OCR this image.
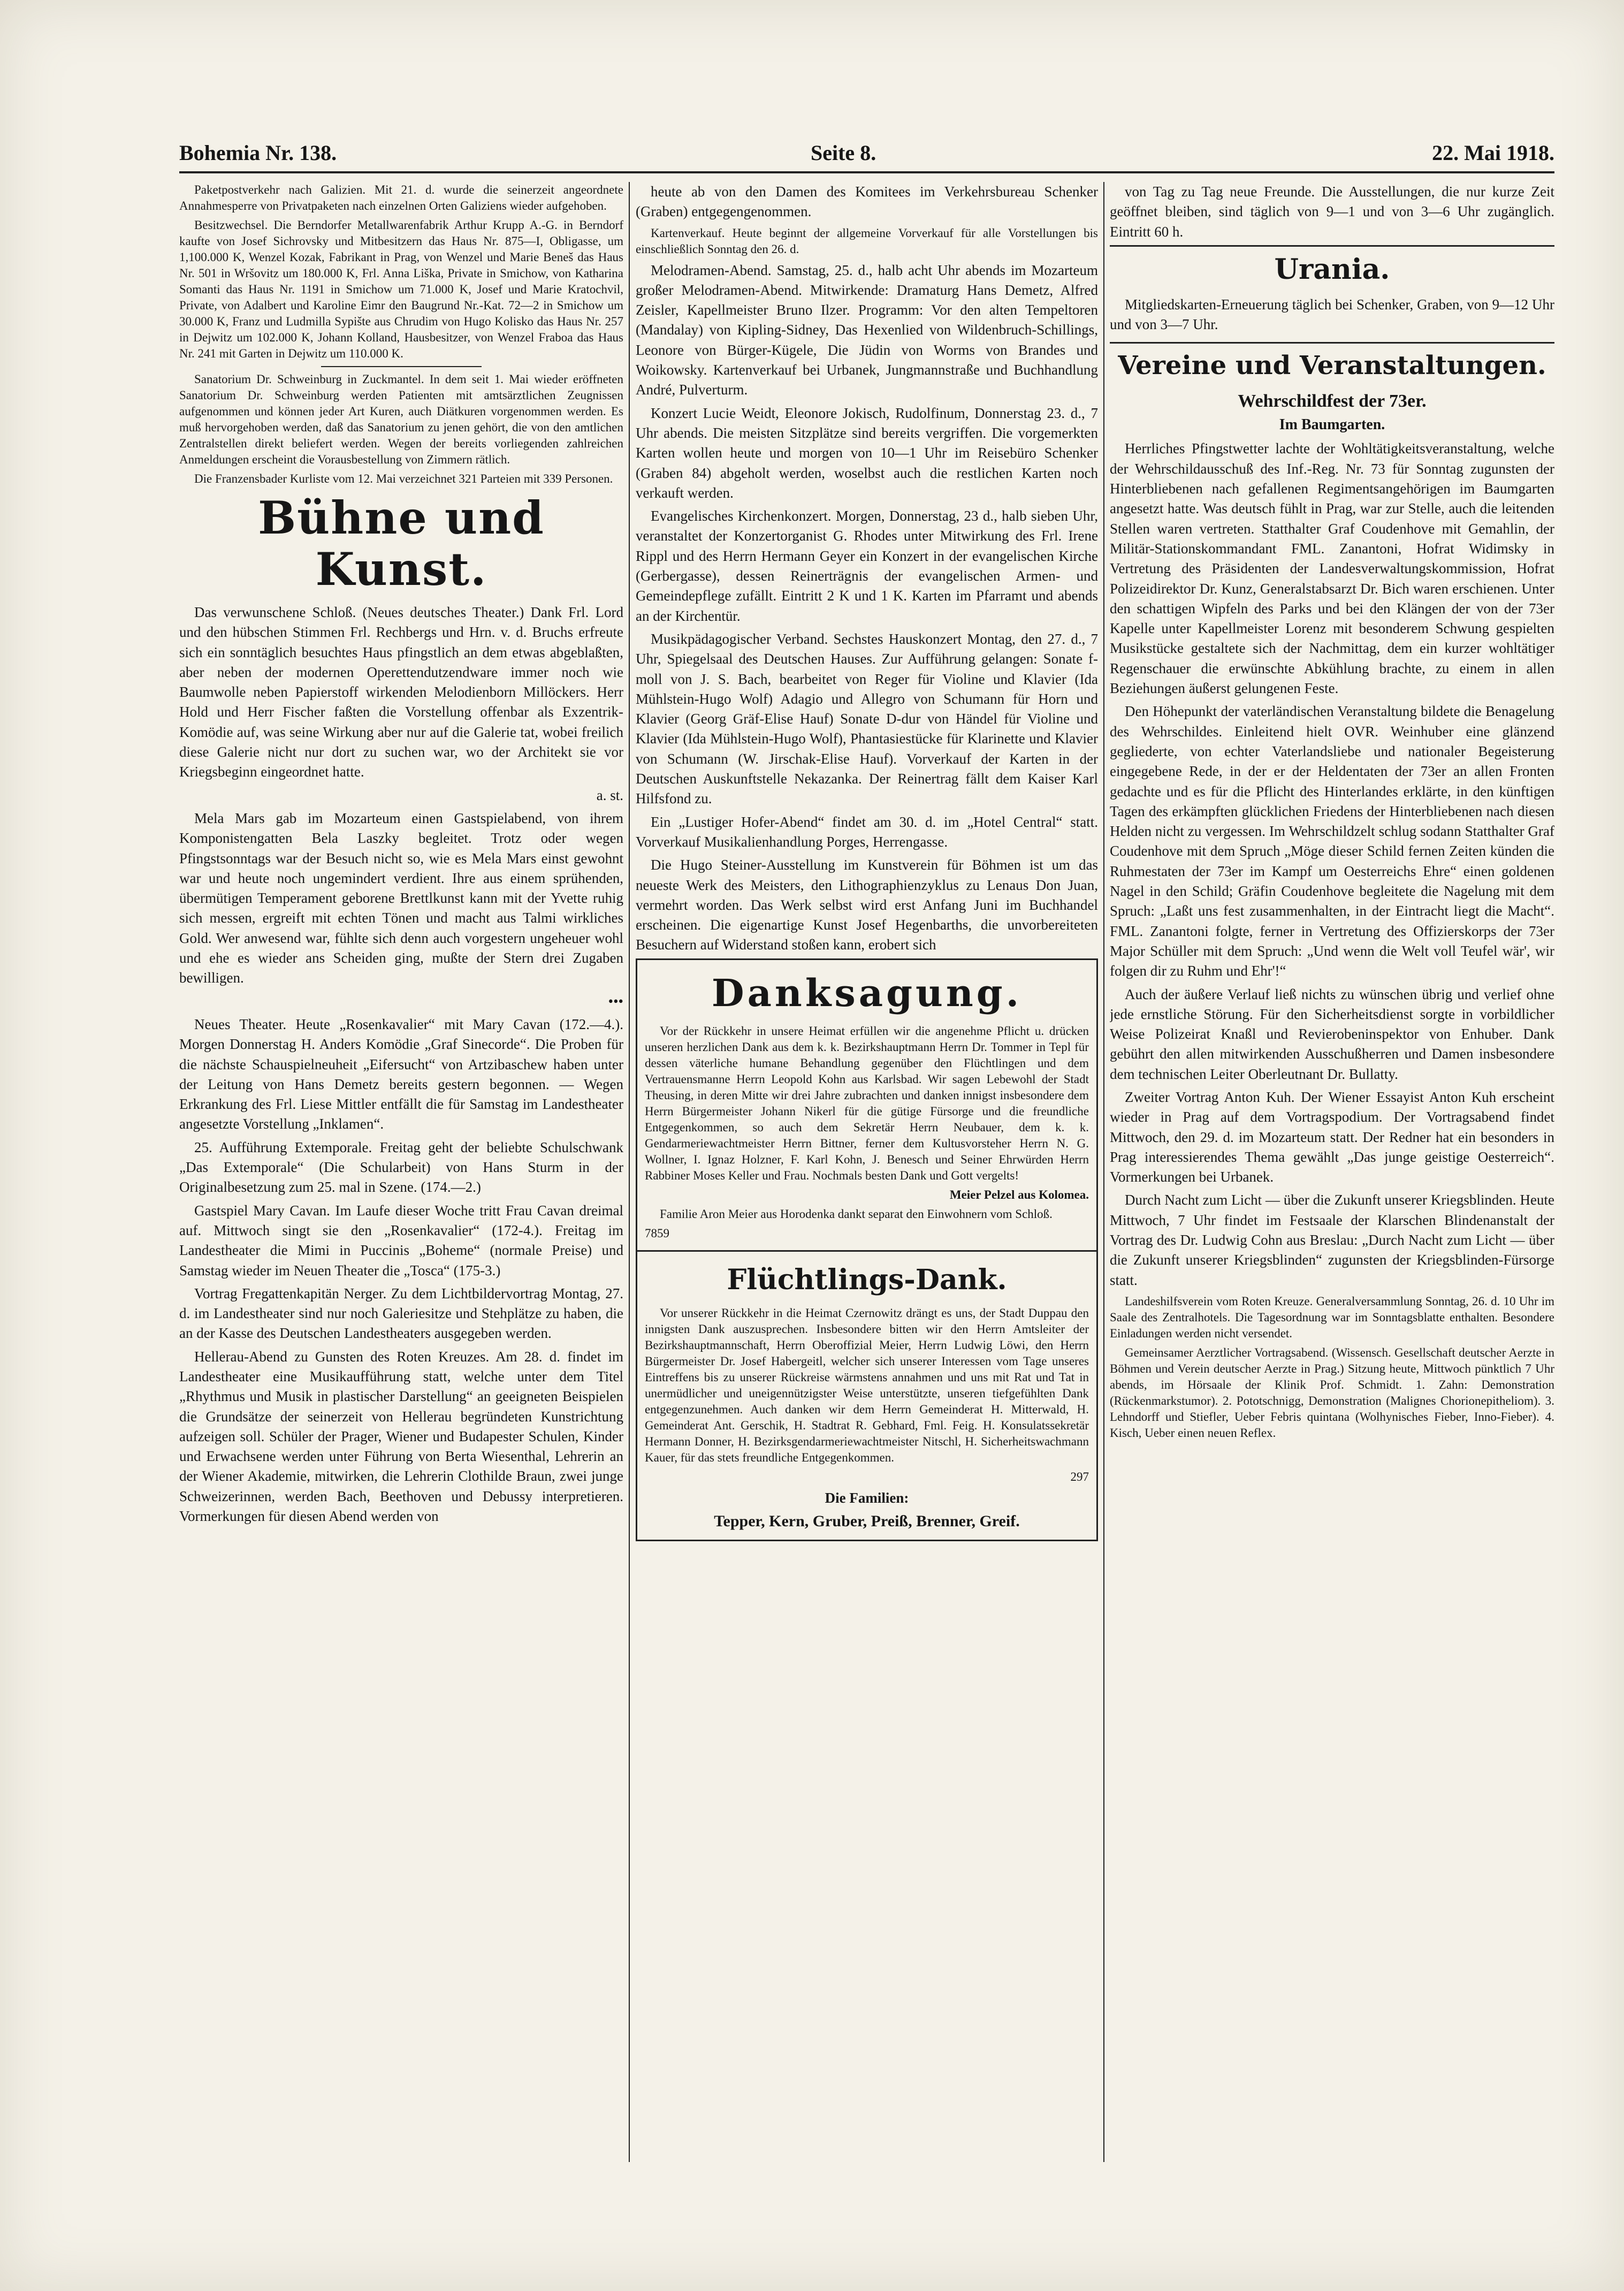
Bohemia Nr. 138.	Seite 8.	22. Mai 1918.

Paketpostverkehr nach Galizien. Mit 21. d. wurde die seinerzeit angeordnete Annahmesperre von Privatpaketen nach einzelnen Orten Galiziens wieder aufgehoben.

Besitzwechsel. Die Berndorfer Metallwarenfabrik Arthur Krupp A.-G. in Berndorf kaufte von Josef Sichrovsky und Mitbesitzern das Haus Nr. 875—I, Obligasse, um 1,100.000 K, Wenzel Kozak, Fabrikant in Prag, von Wenzel und Marie Beneš das Haus Nr. 501 in Wršovitz um 180.000 K, Frl. Anna Liška, Private in Smichow, von Katharina Somanti das Haus Nr. 1191 in Smichow um 71.000 K, Josef und Marie Kratochvil, Private, von Adalbert und Karoline Eimr den Baugrund Nr.-Kat. 72—2 in Smichow um 30.000 K, Franz und Ludmilla Sypište aus Chrudim von Hugo Kolisko das Haus Nr. 257 in Dejwitz um 102.000 K, Johann Kolland, Hausbesitzer, von Wenzel Fraboa das Haus Nr. 241 mit Garten in Dejwitz um 110.000 K.

Sanatorium Dr. Schweinburg in Zuckmantel. In dem seit 1. Mai wieder eröffneten Sanatorium Dr. Schweinburg werden Patienten mit amtsärztlichen Zeugnissen aufgenommen und können jeder Art Kuren, auch Diätkuren vorgenommen werden. Es muß hervorgehoben werden, daß das Sanatorium zu jenen gehört, die von den amtlichen Zentralstellen direkt beliefert werden. Wegen der bereits vorliegenden zahlreichen Anmeldungen erscheint die Vorausbestellung von Zimmern rätlich.

Die Franzensbader Kurliste vom 12. Mai verzeichnet 321 Parteien mit 339 Personen.

Bühne und Kunst.

Das verwunschene Schloß. (Neues deutsches Theater.) Dank Frl. Lord und den hübschen Stimmen Frl. Rechbergs und Hrn. v. d. Bruchs erfreute sich ein sonntäglich besuchtes Haus pfingstlich an dem etwas abgeblaßten, aber neben der modernen Operettendutzendware immer noch wie Baumwolle neben Papierstoff wirkenden Melodienborn Millöckers. Herr Hold und Herr Fischer faßten die Vorstellung offenbar als Exzentrik-Komödie auf, was seine Wirkung aber nur auf die Galerie tat, wobei freilich diese Galerie nicht nur dort zu suchen war, wo der Architekt sie vor Kriegsbeginn eingeordnet hatte.

a. st.

Mela Mars gab im Mozarteum einen Gastspielabend, von ihrem Komponistengatten Bela Laszky begleitet. Trotz oder wegen Pfingstsonntags war der Besuch nicht so, wie es Mela Mars einst gewohnt war und heute noch ungemindert verdient. Ihre aus einem sprühenden, übermütigen Temperament geborene Brettlkunst kann mit der Yvette ruhig sich messen, ergreift mit echten Tönen und macht aus Talmi wirkliches Gold. Wer anwesend war, fühlte sich denn auch vorgestern ungeheuer wohl und ehe es wieder ans Scheiden ging, mußte der Stern drei Zugaben bewilligen.

•••

Neues Theater. Heute „Rosenkavalier“ mit Mary Cavan (172.—4.). Morgen Donnerstag H. Anders Komödie „Graf Sinecorde“. Die Proben für die nächste Schauspielneuheit „Eifersucht“ von Artzibaschew haben unter der Leitung von Hans Demetz bereits gestern begonnen. — Wegen Erkrankung des Frl. Liese Mittler entfällt die für Samstag im Landestheater angesetzte Vorstellung „Inklamen“.

25. Aufführung Extemporale. Freitag geht der beliebte Schulschwank „Das Extemporale“ (Die Schularbeit) von Hans Sturm in der Originalbesetzung zum 25. mal in Szene. (174.—2.)

Gastspiel Mary Cavan. Im Laufe dieser Woche tritt Frau Cavan dreimal auf. Mittwoch singt sie den „Rosenkavalier“ (172-4.). Freitag im Landestheater die Mimi in Puccinis „Boheme“ (normale Preise) und Samstag wieder im Neuen Theater die „Tosca“ (175-3.)

Vortrag Fregattenkapitän Nerger. Zu dem Lichtbildervortrag Montag, 27. d. im Landestheater sind nur noch Galeriesitze und Stehplätze zu haben, die an der Kasse des Deutschen Landestheaters ausgegeben werden.

Hellerau-Abend zu Gunsten des Roten Kreuzes. Am 28. d. findet im Landestheater eine Musikaufführung statt, welche unter dem Titel „Rhythmus und Musik in plastischer Darstellung“ an geeigneten Beispielen die Grundsätze der seinerzeit von Hellerau begründeten Kunstrichtung aufzeigen soll. Schüler der Prager, Wiener und Budapester Schulen, Kinder und Erwachsene werden unter Führung von Berta Wiesenthal, Lehrerin an der Wiener Akademie, mitwirken, die Lehrerin Clothilde Braun, zwei junge Schweizerinnen, werden Bach, Beethoven und Debussy interpretieren. Vormerkungen für diesen Abend werden von

heute ab von den Damen des Komitees im Verkehrsbureau Schenker (Graben) entgegengenommen.

Kartenverkauf. Heute beginnt der allgemeine Vorverkauf für alle Vorstellungen bis einschließlich Sonntag den 26. d.

Melodramen-Abend. Samstag, 25. d., halb acht Uhr abends im Mozarteum großer Melodramen-Abend. Mitwirkende: Dramaturg Hans Demetz, Alfred Zeisler, Kapellmeister Bruno Ilzer. Programm: Vor den alten Tempeltoren (Mandalay) von Kipling-Sidney, Das Hexenlied von Wildenbruch-Schillings, Leonore von Bürger-Kügele, Die Jüdin von Worms von Brandes und Woikowsky. Kartenverkauf bei Urbanek, Jungmannstraße und Buchhandlung André, Pulverturm.

Konzert Lucie Weidt, Eleonore Jokisch, Rudolfinum, Donnerstag 23. d., 7 Uhr abends. Die meisten Sitzplätze sind bereits vergriffen. Die vorgemerkten Karten wollen heute und morgen von 10—1 Uhr im Reisebüro Schenker (Graben 84) abgeholt werden, woselbst auch die restlichen Karten noch verkauft werden.

Evangelisches Kirchenkonzert. Morgen, Donnerstag, 23 d., halb sieben Uhr, veranstaltet der Konzertorganist G. Rhodes unter Mitwirkung des Frl. Irene Rippl und des Herrn Hermann Geyer ein Konzert in der evangelischen Kirche (Gerbergasse), dessen Reinerträgnis der evangelischen Armen- und Gemeindepflege zufällt. Eintritt 2 K und 1 K. Karten im Pfarramt und abends an der Kirchentür.

Musikpädagogischer Verband. Sechstes Hauskonzert Montag, den 27. d., 7 Uhr, Spiegelsaal des Deutschen Hauses. Zur Aufführung gelangen: Sonate f-moll von J. S. Bach, bearbeitet von Reger für Violine und Klavier (Ida Mühlstein-Hugo Wolf) Adagio und Allegro von Schumann für Horn und Klavier (Georg Gräf-Elise Hauf) Sonate D-dur von Händel für Violine und Klavier (Ida Mühlstein-Hugo Wolf), Phantasiestücke für Klarinette und Klavier von Schumann (W. Jirschak-Elise Hauf). Vorverkauf der Karten in der Deutschen Auskunftstelle Nekazanka. Der Reinertrag fällt dem Kaiser Karl Hilfsfond zu.

Ein „Lustiger Hofer-Abend“ findet am 30. d. im „Hotel Central“ statt. Vorverkauf Musikalienhandlung Porges, Herrengasse.

Die Hugo Steiner-Ausstellung im Kunstverein für Böhmen ist um das neueste Werk des Meisters, den Lithographienzyklus zu Lenaus Don Juan, vermehrt worden. Das Werk selbst wird erst Anfang Juni im Buchhandel erscheinen. Die eigenartige Kunst Josef Hegenbarths, die unvorbereiteten Besuchern auf Widerstand stoßen kann, erobert sich

Danksagung.

Vor der Rückkehr in unsere Heimat erfüllen wir die angenehme Pflicht u. drücken unseren herzlichen Dank aus dem k. k. Bezirkshauptmann Herrn Dr. Tommer in Tepl für dessen väterliche humane Behandlung gegenüber den Flüchtlingen und dem Vertrauensmanne Herrn Leopold Kohn aus Karlsbad. Wir sagen Lebewohl der Stadt Theusing, in deren Mitte wir drei Jahre zubrachten und danken innigst insbesondere dem Herrn Bürgermeister Johann Nikerl für die gütige Fürsorge und die freundliche Entgegenkommen, so auch dem Sekretär Herrn Neubauer, dem k. k. Gendarmeriewachtmeister Herrn Bittner, ferner dem Kultusvorsteher Herrn N. G. Wollner, I. Ignaz Holzner, F. Karl Kohn, J. Benesch und Seiner Ehrwürden Herrn Rabbiner Moses Keller und Frau. Nochmals besten Dank und Gott vergelts!

Meier Pelzel aus Kolomea.

Familie Aron Meier aus Horodenka dankt separat den Einwohnern vom Schloß.

7859

Flüchtlings-Dank.

Vor unserer Rückkehr in die Heimat Czernowitz drängt es uns, der Stadt Duppau den innigsten Dank auszusprechen. Insbesondere bitten wir den Herrn Amtsleiter der Bezirkshauptmannschaft, Herrn Oberoffizial Meier, Herrn Ludwig Löwi, den Herrn Bürgermeister Dr. Josef Habergeitl, welcher sich unserer Interessen vom Tage unseres Eintreffens bis zu unserer Rückreise wärmstens annahmen und uns mit Rat und Tat in unermüdlicher und uneigennützigster Weise unterstützte, unseren tiefgefühlten Dank entgegenzunehmen. Auch danken wir dem Herrn Gemeinderat H. Mitterwald, H. Gemeinderat Ant. Gerschik, H. Stadtrat R. Gebhard, Fml. Feig. H. Konsulatssekretär Hermann Donner, H. Bezirksgendarmeriewachtmeister Nitschl, H. Sicherheitswachmann Kauer, für das stets freundliche Entgegenkommen.

297

Die Familien:

Tepper, Kern, Gruber, Preiß, Brenner, Greif.

von Tag zu Tag neue Freunde. Die Ausstellungen, die nur kurze Zeit geöffnet bleiben, sind täglich von 9—1 und von 3—6 Uhr zugänglich. Eintritt 60 h.

Urania.

Mitgliedskarten-Erneuerung täglich bei Schenker, Graben, von 9—12 Uhr und von 3—7 Uhr.

Vereine und Veranstaltungen.
Wehrschildfest der 73er.
Im Baumgarten.

Herrliches Pfingstwetter lachte der Wohltätigkeitsveranstaltung, welche der Wehrschildausschuß des Inf.-Reg. Nr. 73 für Sonntag zugunsten der Hinterbliebenen nach gefallenen Regimentsangehörigen im Baumgarten angesetzt hatte. Was deutsch fühlt in Prag, war zur Stelle, auch die leitenden Stellen waren vertreten. Statthalter Graf Coudenhove mit Gemahlin, der Militär-Stationskommandant FML. Zanantoni, Hofrat Widimsky in Vertretung des Präsidenten der Landesverwaltungskommission, Hofrat Polizeidirektor Dr. Kunz, Generalstabsarzt Dr. Bich waren erschienen. Unter den schattigen Wipfeln des Parks und bei den Klängen der von der 73er Kapelle unter Kapellmeister Lorenz mit besonderem Schwung gespielten Musikstücke gestaltete sich der Nachmittag, dem ein kurzer wohltätiger Regenschauer die erwünschte Abkühlung brachte, zu einem in allen Beziehungen äußerst gelungenen Feste.

Den Höhepunkt der vaterländischen Veranstaltung bildete die Benagelung des Wehrschildes. Einleitend hielt OVR. Weinhuber eine glänzend gegliederte, von echter Vaterlandsliebe und nationaler Begeisterung eingegebene Rede, in der er der Heldentaten der 73er an allen Fronten gedachte und es für die Pflicht des Hinterlandes erklärte, in den künftigen Tagen des erkämpften glücklichen Friedens der Hinterbliebenen nach diesen Helden nicht zu vergessen. Im Wehrschildzelt schlug sodann Statthalter Graf Coudenhove mit dem Spruch „Möge dieser Schild fernen Zeiten künden die Ruhmestaten der 73er im Kampf um Oesterreichs Ehre“ einen goldenen Nagel in den Schild; Gräfin Coudenhove begleitete die Nagelung mit dem Spruch: „Laßt uns fest zusammenhalten, in der Eintracht liegt die Macht“. FML. Zanantoni folgte, ferner in Vertretung des Offizierskorps der 73er Major Schüller mit dem Spruch: „Und wenn die Welt voll Teufel wär', wir folgen dir zu Ruhm und Ehr'!“

Auch der äußere Verlauf ließ nichts zu wünschen übrig und verlief ohne jede ernstliche Störung. Für den Sicherheitsdienst sorgte in vorbildlicher Weise Polizeirat Knaßl und Revierobeninspektor von Enhuber. Dank gebührt den allen mitwirkenden Ausschußherren und Damen insbesondere dem technischen Leiter Oberleutnant Dr. Bullatty.

Zweiter Vortrag Anton Kuh. Der Wiener Essayist Anton Kuh erscheint wieder in Prag auf dem Vortragspodium. Der Vortragsabend findet Mittwoch, den 29. d. im Mozarteum statt. Der Redner hat ein besonders in Prag interessierendes Thema gewählt „Das junge geistige Oesterreich“. Vormerkungen bei Urbanek.

Durch Nacht zum Licht — über die Zukunft unserer Kriegsblinden. Heute Mittwoch, 7 Uhr findet im Festsaale der Klarschen Blindenanstalt der Vortrag des Dr. Ludwig Cohn aus Breslau: „Durch Nacht zum Licht — über die Zukunft unserer Kriegsblinden“ zugunsten der Kriegsblinden-Fürsorge statt.

Landeshilfsverein vom Roten Kreuze. Generalversammlung Sonntag, 26. d. 10 Uhr im Saale des Zentralhotels. Die Tagesordnung war im Sonntagsblatte enthalten. Besondere Einladungen werden nicht versendet.

Gemeinsamer Aerztlicher Vortragsabend. (Wissensch. Gesellschaft deutscher Aerzte in Böhmen und Verein deutscher Aerzte in Prag.) Sitzung heute, Mittwoch pünktlich 7 Uhr abends, im Hörsaale der Klinik Prof. Schmidt. 1. Zahn: Demonstration (Rückenmarkstumor). 2. Pototschnigg, Demonstration (Malignes Chorionepitheliom). 3. Lehndorff und Stiefler, Ueber Febris quintana (Wolhynisches Fieber, Inno-Fieber). 4. Kisch, Ueber einen neuen Reflex.
